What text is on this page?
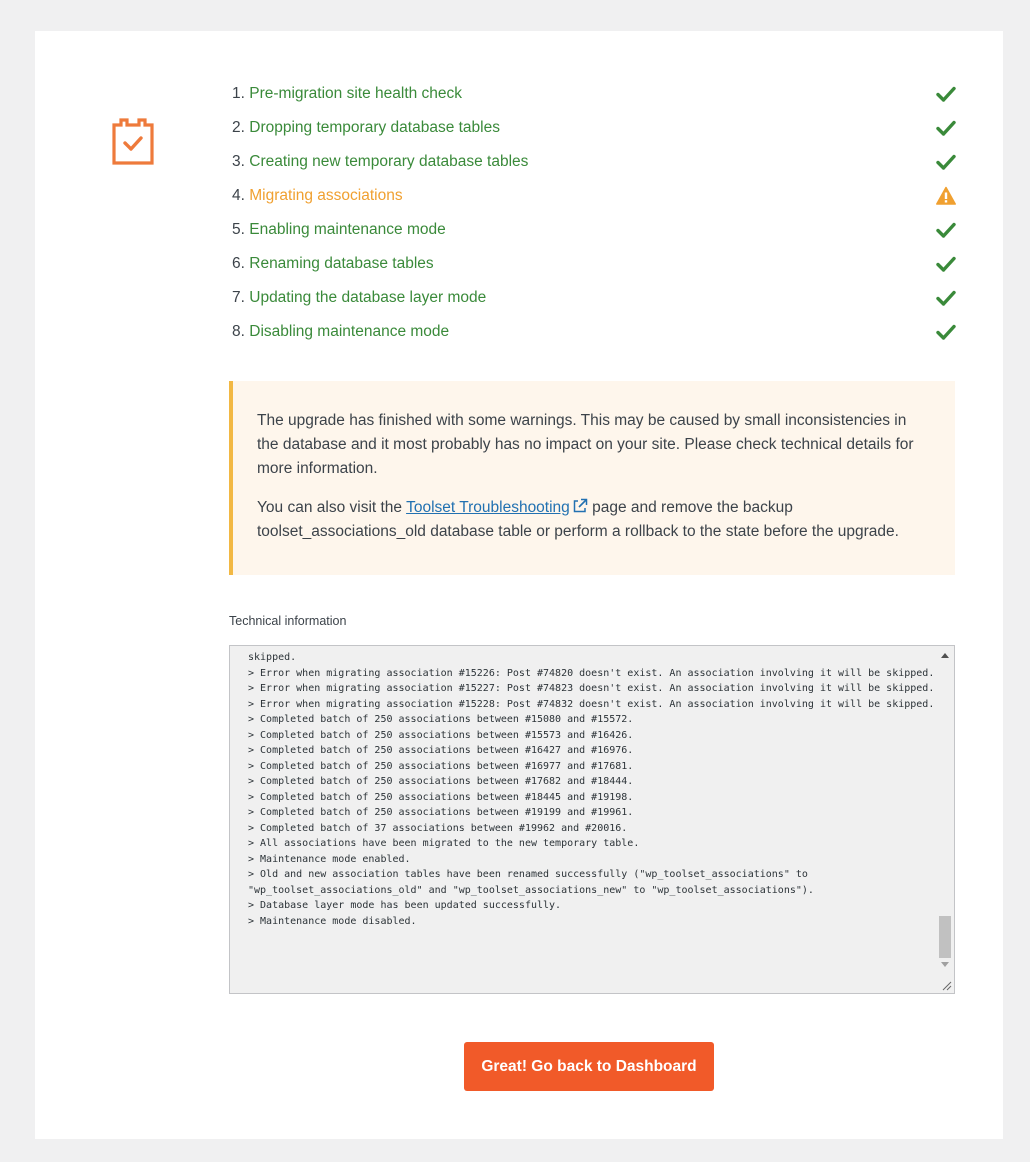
1. Pre-migration site health check
2. Dropping temporary database tables
3. Creating new temporary database tables
4. Migrating associations
5. Enabling maintenance mode
6. Renaming database tables
7. Updating the database layer mode
8. Disabling maintenance mode

The upgrade has finished with some warnings. This may be caused by small inconsistencies in the database and it most probably has no impact on your site. Please check technical details for more information.

You can also visit the Toolset Troubleshooting page and remove the backup toolset_associations_old database table or perform a rollback to the state before the upgrade.

Technical information
skipped.
> Error when migrating association #15226: Post #74820 doesn't exist. An association involving it will be skipped.
> Error when migrating association #15227: Post #74823 doesn't exist. An association involving it will be skipped.
> Error when migrating association #15228: Post #74832 doesn't exist. An association involving it will be skipped.
> Completed batch of 250 associations between #15080 and #15572.
> Completed batch of 250 associations between #15573 and #16426.
> Completed batch of 250 associations between #16427 and #16976.
> Completed batch of 250 associations between #16977 and #17681.
> Completed batch of 250 associations between #17682 and #18444.
> Completed batch of 250 associations between #18445 and #19198.
> Completed batch of 250 associations between #19199 and #19961.
> Completed batch of 37 associations between #19962 and #20016.
> All associations have been migrated to the new temporary table.
> Maintenance mode enabled.
> Old and new association tables have been renamed successfully ("wp_toolset_associations" to "wp_toolset_associations_old" and "wp_toolset_associations_new" to "wp_toolset_associations").
> Database layer mode has been updated successfully.
> Maintenance mode disabled.

Great! Go back to Dashboard
